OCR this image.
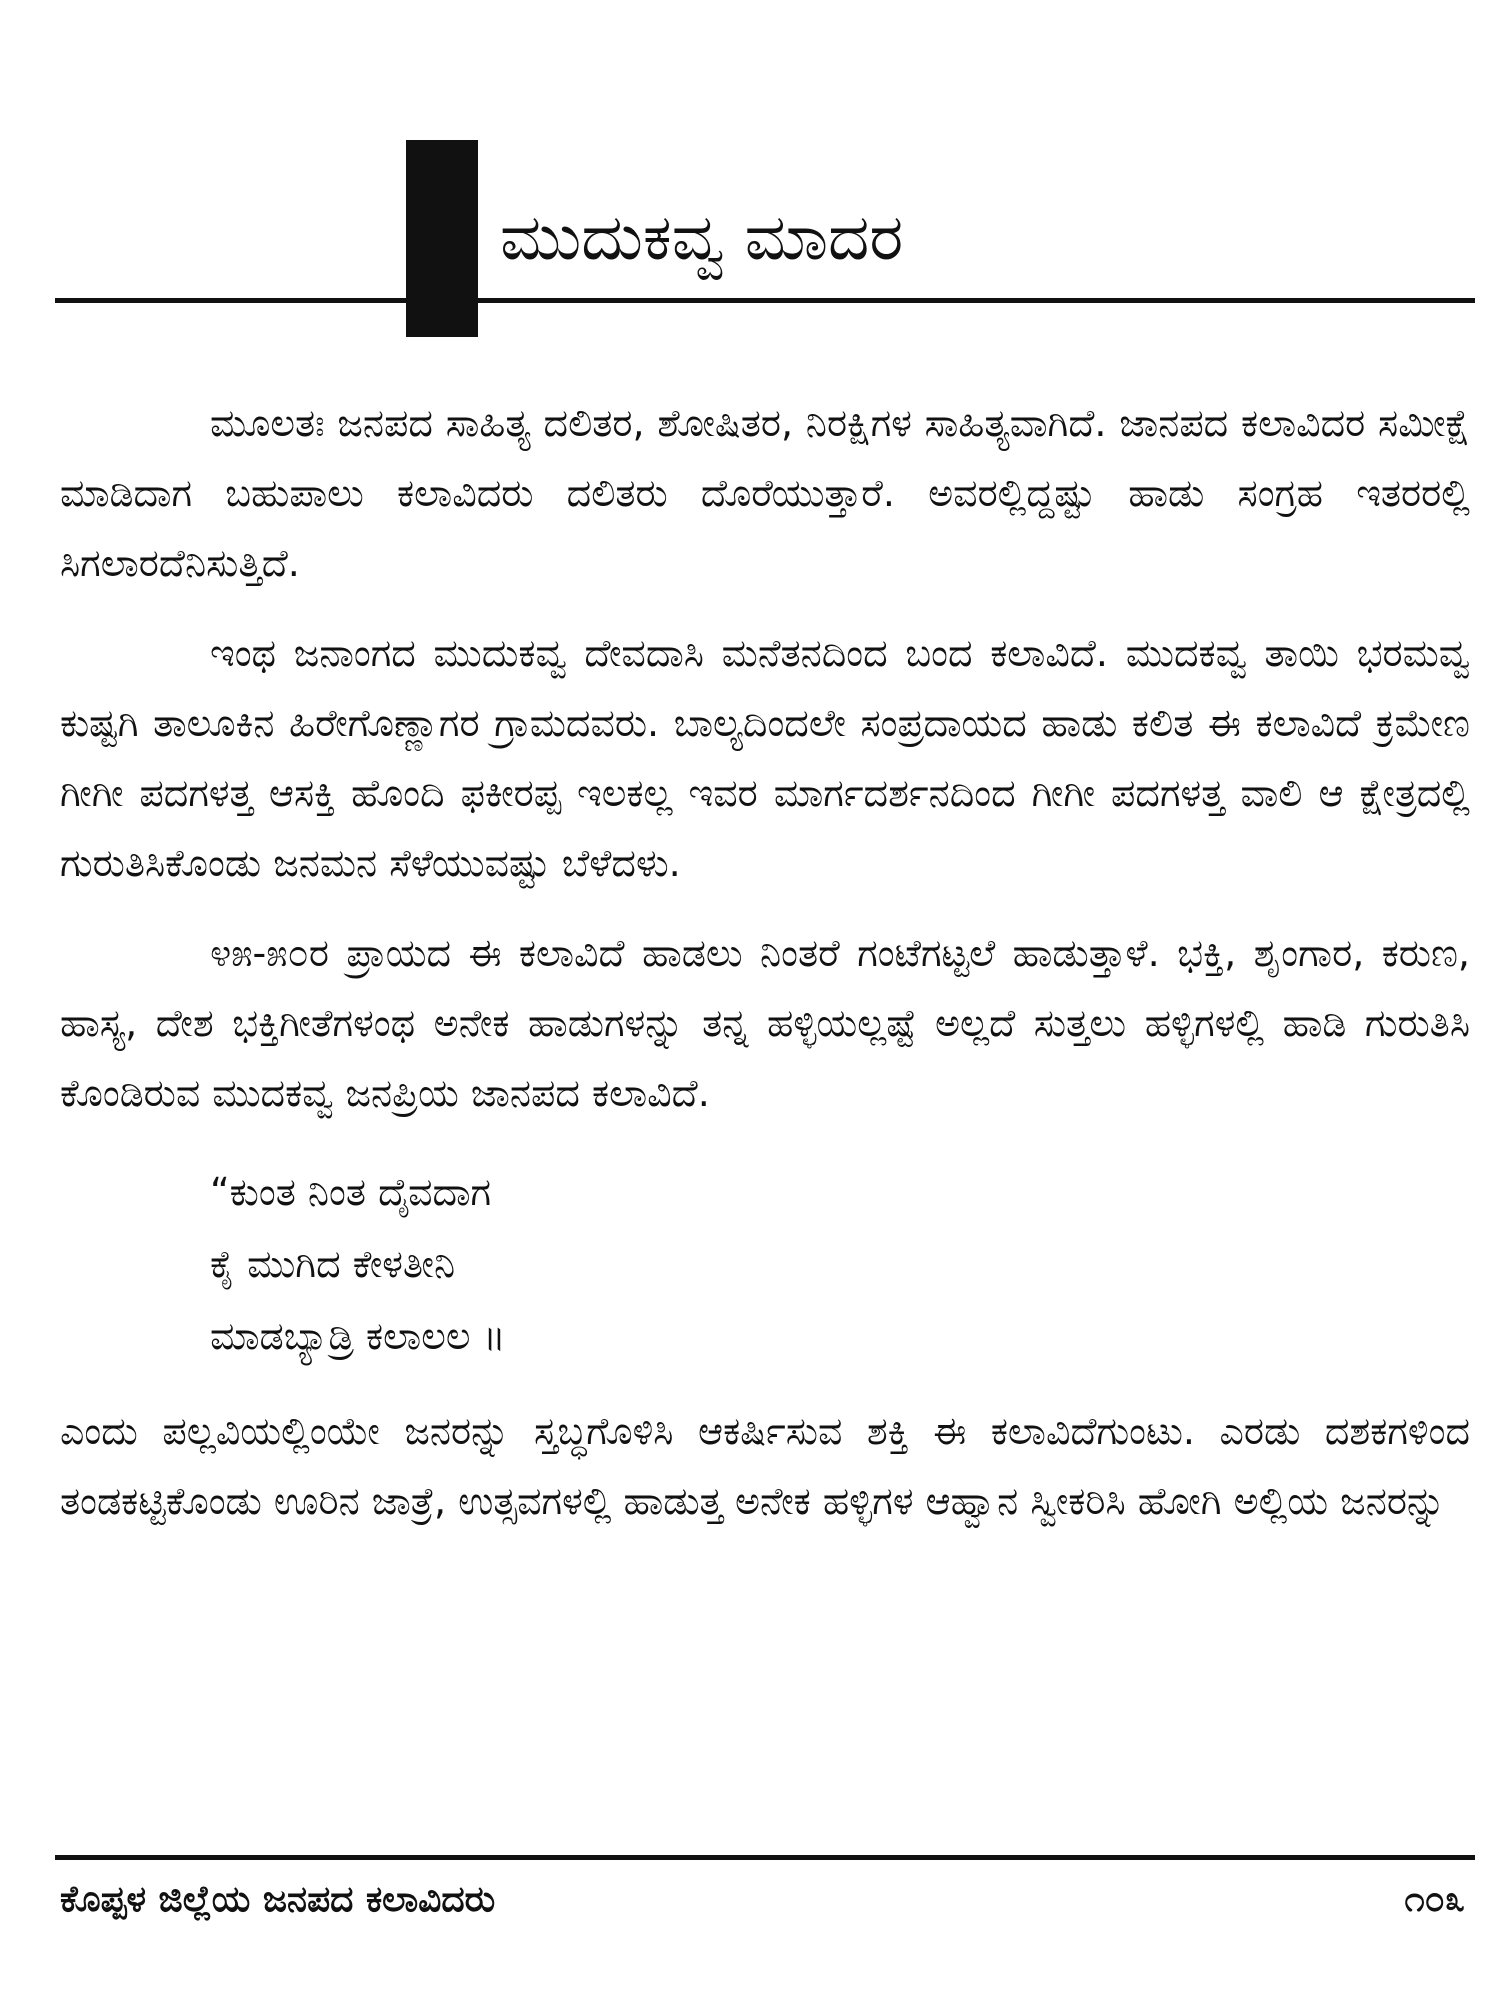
ಮುದುಕವ್ವ ಮಾದರ

ಮೂಲತಃ ಜನಪದ ಸಾಹಿತ್ಯ ದಲಿತರ, ಶೋಷಿತರ, ನಿರಕ್ಷಿಗಳ ಸಾಹಿತ್ಯವಾಗಿದೆ. ಜಾನಪದ ಕಲಾವಿದರ ಸಮೀಕ್ಷೆ ಮಾಡಿದಾಗ ಬಹುಪಾಲು ಕಲಾವಿದರು ದಲಿತರು ದೊರೆಯುತ್ತಾರೆ. ಅವರಲ್ಲಿದ್ದಷ್ಟು ಹಾಡು ಸಂಗ್ರಹ ಇತರರಲ್ಲಿ ಸಿಗಲಾರದೆನಿಸುತ್ತಿದೆ.

ಇಂಥ ಜನಾಂಗದ ಮುದುಕವ್ವ ದೇವದಾಸಿ ಮನೆತನದಿಂದ ಬಂದ ಕಲಾವಿದೆ. ಮುದಕವ್ವ ತಾಯಿ ಭರಮವ್ವ ಕುಷ್ಟಗಿ ತಾಲೂಕಿನ ಹಿರೇಗೊಣ್ಣಾಗರ ಗ್ರಾಮದವರು. ಬಾಲ್ಯದಿಂದಲೇ ಸಂಪ್ರದಾಯದ ಹಾಡು ಕಲಿತ ಈ ಕಲಾವಿದೆ ಕ್ರಮೇಣ ಗೀಗೀ ಪದಗಳತ್ತ ಆಸಕ್ತಿ ಹೊಂದಿ ಫಕೀರಪ್ಪ ಇಲಕಲ್ಲ ಇವರ ಮಾರ್ಗದರ್ಶನದಿಂದ ಗೀಗೀ ಪದಗಳತ್ತ ವಾಲಿ ಆ ಕ್ಷೇತ್ರದಲ್ಲಿ ಗುರುತಿಸಿಕೊಂಡು ಜನಮನ ಸೆಳೆಯುವಷ್ಟು ಬೆಳೆದಳು.

೪೫-೫೦ರ ಪ್ರಾಯದ ಈ ಕಲಾವಿದೆ ಹಾಡಲು ನಿಂತರೆ ಗಂಟೆಗಟ್ಟಲೆ ಹಾಡುತ್ತಾಳೆ. ಭಕ್ತಿ, ಶೃಂಗಾರ, ಕರುಣ, ಹಾಸ್ಯ, ದೇಶ ಭಕ್ತಿಗೀತೆಗಳಂಥ ಅನೇಕ ಹಾಡುಗಳನ್ನು ತನ್ನ ಹಳ್ಳಿಯಲ್ಲಷ್ಟೆ ಅಲ್ಲದೆ ಸುತ್ತಲು ಹಳ್ಳಿಗಳಲ್ಲಿ ಹಾಡಿ ಗುರುತಿಸಿ ಕೊಂಡಿರುವ ಮುದಕವ್ವ ಜನಪ್ರಿಯ ಜಾನಪದ ಕಲಾವಿದೆ.

“ಕುಂತ ನಿಂತ ದೈವದಾಗ
ಕೈ ಮುಗಿದ ಕೇಳತೀನಿ
ಮಾಡಬ್ಯಾಡ್ರಿ ಕಲಾಲಲ ॥

ಎಂದು ಪಲ್ಲವಿಯಲ್ಲಿಂಯೇ ಜನರನ್ನು ಸ್ತಬ್ಧಗೊಳಿಸಿ ಆಕರ್ಷಿಸುವ ಶಕ್ತಿ ಈ ಕಲಾವಿದೆಗುಂಟು. ಎರಡು ದಶಕಗಳಿಂದ ತಂಡಕಟ್ಟಿಕೊಂಡು ಊರಿನ ಜಾತ್ರೆ, ಉತ್ಸವಗಳಲ್ಲಿ ಹಾಡುತ್ತ ಅನೇಕ ಹಳ್ಳಿಗಳ ಆಹ್ವಾನ ಸ್ವೀಕರಿಸಿ ಹೋಗಿ ಅಲ್ಲಿಯ ಜನರನ್ನು

ಕೊಪ್ಪಳ ಜಿಲ್ಲೆಯ ಜನಪದ ಕಲಾವಿದರು	೧೦೩
